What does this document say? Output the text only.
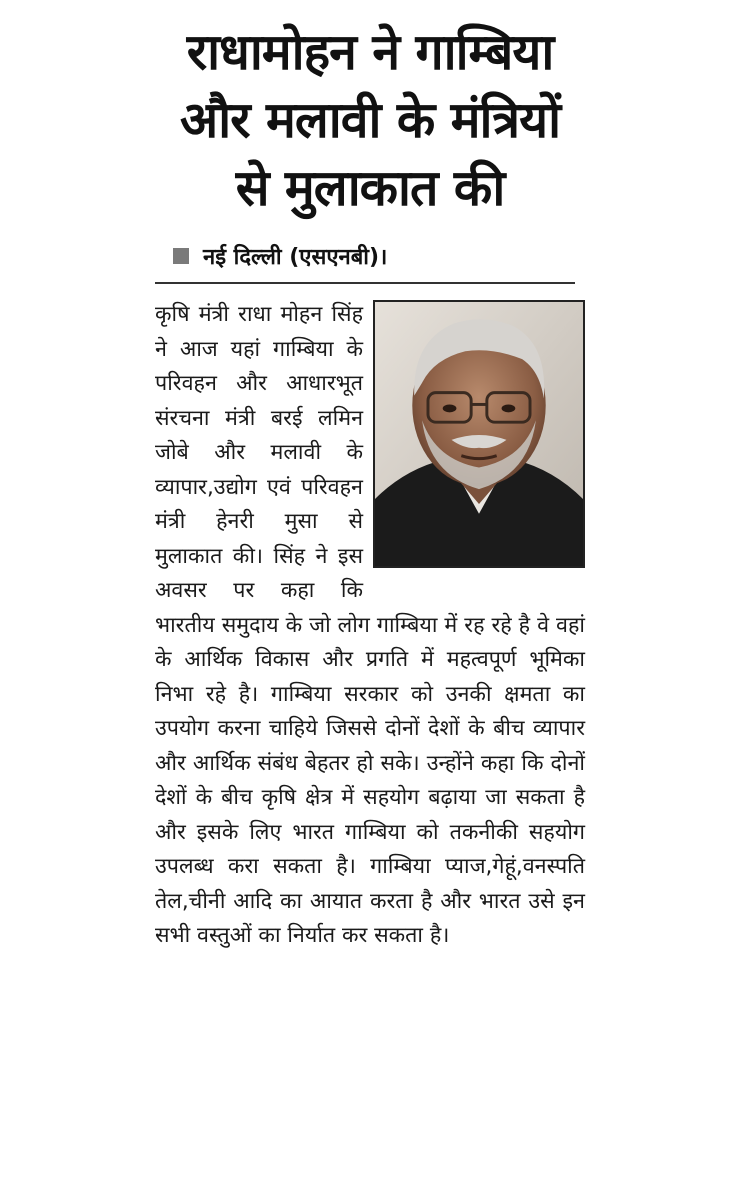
राधामोहन ने गाम्बिया
और मलावी के मंत्रियों
से मुलाकात की
नई दिल्ली (एसएनबी)।

कृषि मंत्री राधा मोहन सिंह ने आज यहां गाम्बिया के परिवहन और आधारभूत संरचना मंत्री बरई लमिन जोबे और मलावी के व्यापार,उद्योग एवं परिवहन मंत्री हेनरी मुसा से मुलाकात की। सिंह ने इस अवसर पर कहा कि भारतीय समुदाय के जो लोग गाम्बिया में रह रहे है वे वहां के आर्थिक विकास और प्रगति में महत्वपूर्ण भूमिका निभा रहे है। गाम्बिया सरकार को उनकी क्षमता का उपयोग करना चाहिये जिससे दोनों देशों के बीच व्यापार और आर्थिक संबंध बेहतर हो सके। उन्होंने कहा कि दोनों देशों के बीच कृषि क्षेत्र में सहयोग बढ़ाया जा सकता है और इसके लिए भारत गाम्बिया को तकनीकी सहयोग उपलब्ध करा सकता है। गाम्बिया प्याज,गेहूं,वनस्पति तेल,चीनी आदि का आयात करता है और भारत उसे इन सभी वस्तुओं का निर्यात कर सकता है।
